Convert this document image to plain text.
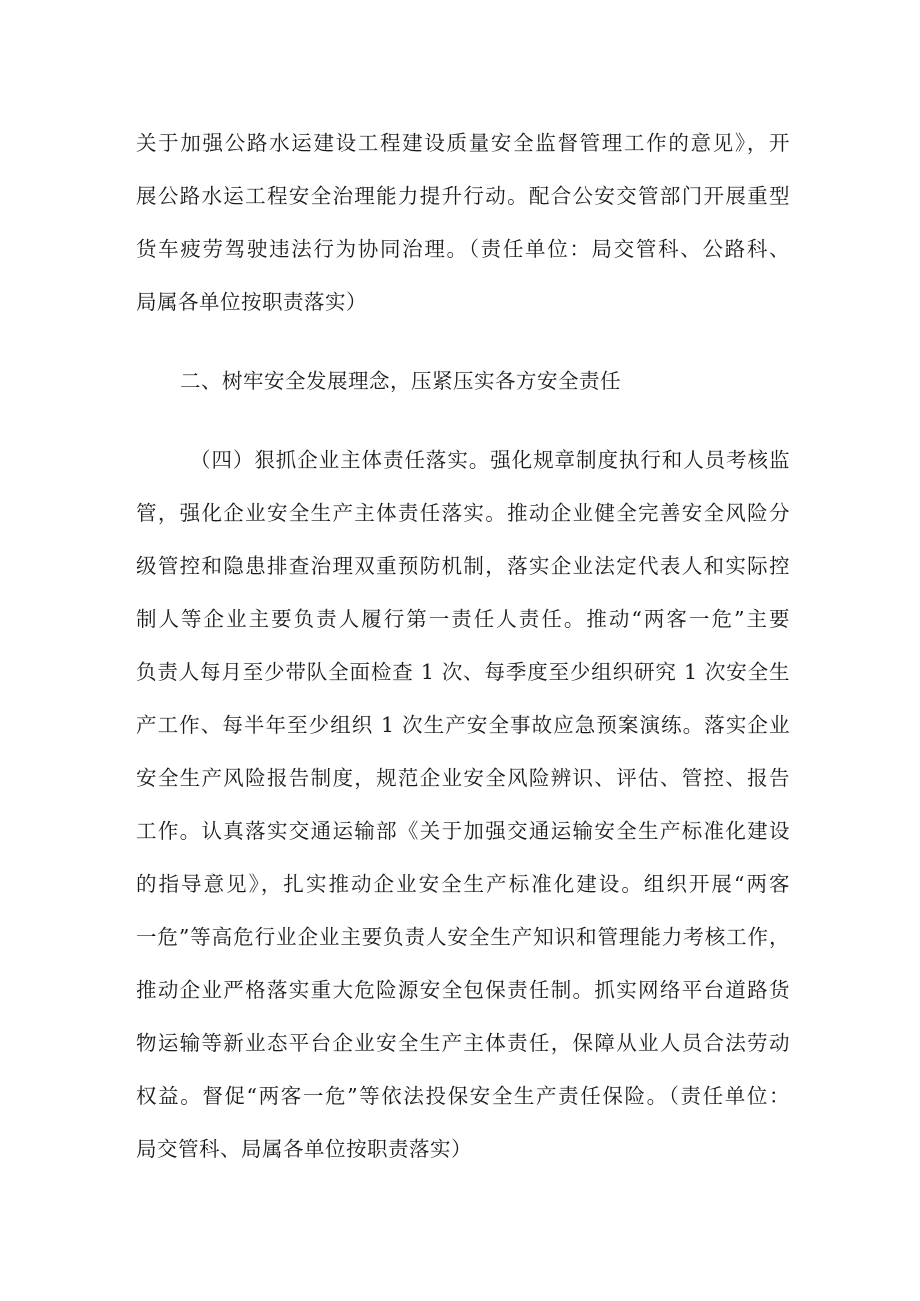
关于加强公路水运建设工程建设质量安全监督管理工作的意见》，开
展公路水运工程安全治理能力提升行动。配合公安交管部门开展重型
货车疲劳驾驶违法行为协同治理。（责任单位：局交管科、公路科、
局属各单位按职责落实）
二、树牢安全发展理念，压紧压实各方安全责任
（四）狠抓企业主体责任落实。强化规章制度执行和人员考核监
管，强化企业安全生产主体责任落实。推动企业健全完善安全风险分
级管控和隐患排查治理双重预防机制，落实企业法定代表人和实际控
制人等企业主要负责人履行第一责任人责任。推动“两客一危”主要
负责人每月至少带队全面检查 1 次、每季度至少组织研究 1 次安全生
产工作、每半年至少组织 1 次生产安全事故应急预案演练。落实企业
安全生产风险报告制度，规范企业安全风险辨识、评估、管控、报告
工作。认真落实交通运输部《关于加强交通运输安全生产标准化建设
的指导意见》，扎实推动企业安全生产标准化建设。组织开展“两客
一危”等高危行业企业主要负责人安全生产知识和管理能力考核工作，
推动企业严格落实重大危险源安全包保责任制。抓实网络平台道路货
物运输等新业态平台企业安全生产主体责任，保障从业人员合法劳动
权益。督促“两客一危”等依法投保安全生产责任保险。（责任单位：
局交管科、局属各单位按职责落实）
